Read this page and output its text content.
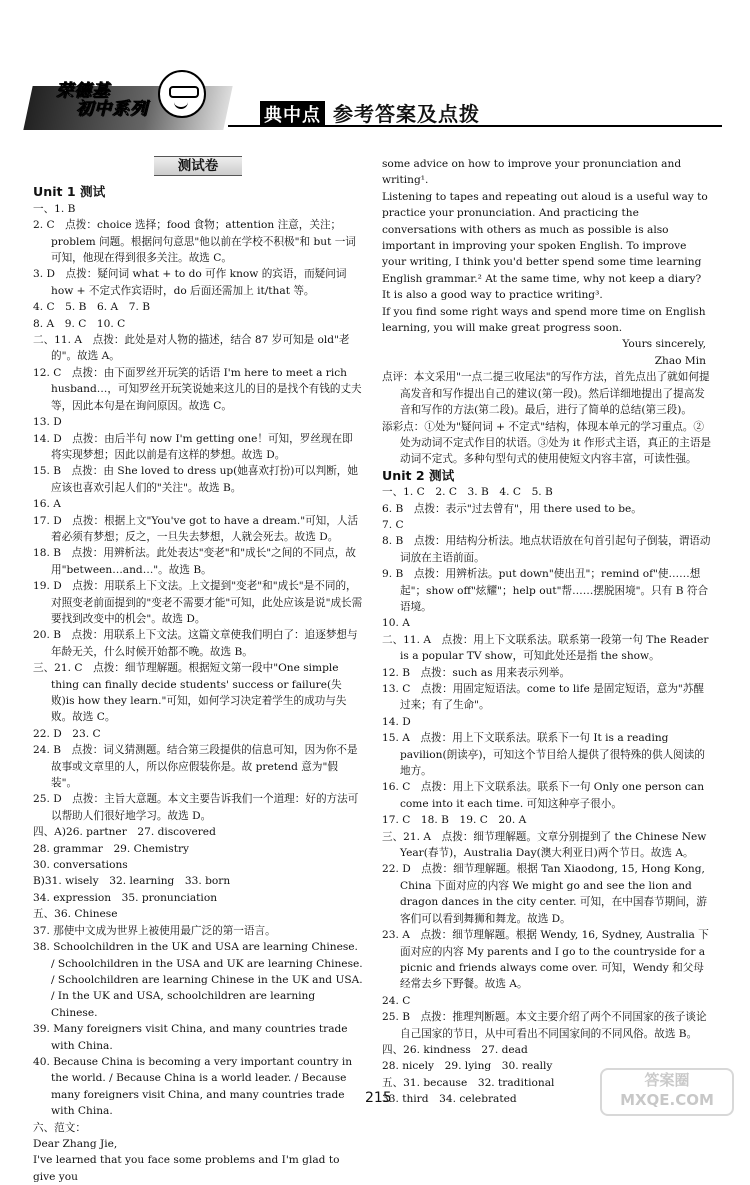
荣德基
初中系列	典中点 参考答案及点拨
测试卷

Unit 1 测试

一、1. B

2. C　点拨：choice 选择；food 食物；attention 注意，关注；problem 问题。根据问句意思"他以前在学校不积极"和 but 一词可知，他现在得到很多关注。故选 C。

3. D　点拨：疑问词 what + to do 可作 know 的宾语，而疑问词how + 不定式作宾语时，do 后面还需加上 it/that 等。

4. C　5. B　6. A　7. B

8. A　9. C　10. C

二、11. A　点拨：此处是对人物的描述，结合 87 岁可知是 old"老的"。故选 A。

12. C　点拨：由下面罗丝开玩笑的话语 I'm here to meet a rich husband…，可知罗丝开玩笑说她来这儿的目的是找个有钱的丈夫等，因此本句是在询问原因。故选 C。

13. D

14. D　点拨：由后半句 now I'm getting one！可知，罗丝现在即将实现梦想；因此以前是有这样的梦想。故选 D。

15. B　点拨：由 She loved to dress up(她喜欢打扮)可以判断，她应该也喜欢引起人们的"关注"。故选 B。

16. A

17. D　点拨：根据上文"You've got to have a dream."可知，人活着必须有梦想；反之，一旦失去梦想，人就会死去。故选 D。

18. B　点拨：用辨析法。此处表达"变老"和"成长"之间的不同点，故用"between…and…"。故选 B。

19. D　点拨：用联系上下文法。上文提到"变老"和"成长"是不同的，对照变老前面提到的"变老不需要才能"可知，此处应该是说"成长需要找到改变中的机会"。故选 D。

20. B　点拨：用联系上下文法。这篇文章使我们明白了：追逐梦想与年龄无关，什么时候开始都不晚。故选 B。

三、21. C　点拨：细节理解题。根据短文第一段中"One simple thing can finally decide students' success or failure(失败)is how they learn."可知，如何学习决定着学生的成功与失败。故选 C。

22. D　23. C

24. B　点拨：词义猜测题。结合第三段提供的信息可知，因为你不是故事或文章里的人，所以你应假装你是。故 pretend 意为"假装"。

25. D　点拨：主旨大意题。本文主要告诉我们一个道理：好的方法可以帮助人们很好地学习。故选 D。

四、A)26. partner　27. discovered

28. grammar　29. Chemistry

30. conversations

B)31. wisely　32. learning　33. born

34. expression　35. pronunciation

五、36. Chinese

37. 那使中文成为世界上被使用最广泛的第一语言。

38. Schoolchildren in the UK and USA are learning Chinese. / Schoolchildren in the USA and UK are learning Chinese. / Schoolchildren are learning Chinese in the UK and USA. / In the UK and USA, schoolchildren are learning Chinese.

39. Many foreigners visit China, and many countries trade with China.

40. Because China is becoming a very important country in the world. / Because China is a world leader. / Because many foreigners visit China, and many countries trade with China.

六、范文：

Dear Zhang Jie,

I've learned that you face some problems and I'm glad to give you

some advice on how to improve your pronunciation and writing¹.

Listening to tapes and repeating out aloud is a useful way to practice your pronunciation. And practicing the conversations with others as much as possible is also important in improving your spoken English. To improve your writing, I think you'd better spend some time learning English grammar.² At the same time, why not keep a diary? It is also a good way to practice writing³.

If you find some right ways and spend more time on English learning, you will make great progress soon.

Yours sincerely,

Zhao Min

点评：本文采用"一点二提三收尾法"的写作方法，首先点出了就如何提高发音和写作提出自己的建议(第一段)。然后详细地提出了提高发音和写作的方法(第二段)。最后，进行了简单的总结(第三段)。

添彩点：①处为"疑问词 + 不定式"结构，体现本单元的学习重点。②处为动词不定式作目的状语。③处为 it 作形式主语，真正的主语是动词不定式。多种句型句式的使用使短文内容丰富，可读性强。

Unit 2 测试

一、1. C　2. C　3. B　4. C　5. B

6. B　点拨：表示"过去曾有"，用 there used to be。

7. C

8. B　点拨：用结构分析法。地点状语放在句首引起句子倒装，谓语动词放在主语前面。

9. B　点拨：用辨析法。put down"使出丑"；remind of"使……想起"；show off"炫耀"；help out"帮……摆脱困境"。只有 B 符合语境。

10. A

二、11. A　点拨：用上下文联系法。联系第一段第一句 The Reader is a popular TV show，可知此处还是指 the show。

12. B　点拨：such as 用来表示列举。

13. C　点拨：用固定短语法。come to life 是固定短语，意为"苏醒过来；有了生命"。

14. D

15. A　点拨：用上下文联系法。联系下一句 It is a reading pavilion(朗读亭)，可知这个节目给人提供了很特殊的供人阅读的地方。

16. C　点拨：用上下文联系法。联系下一句 Only one person can come into it each time. 可知这种亭子很小。

17. C　18. B　19. C　20. A

三、21. A　点拨：细节理解题。文章分别提到了 the Chinese New Year(春节)，Australia Day(澳大利亚日)两个节日。故选 A。

22. D　点拨：细节理解题。根据 Tan Xiaodong, 15, Hong Kong, China 下面对应的内容 We might go and see the lion and dragon dances in the city center. 可知，在中国春节期间，游客们可以看到舞狮和舞龙。故选 D。

23. A　点拨：细节理解题。根据 Wendy, 16, Sydney, Australia 下面对应的内容 My parents and I go to the countryside for a picnic and friends always come over. 可知，Wendy 和父母经常去乡下野餐。故选 A。

24. C

25. B　点拨：推理判断题。本文主要介绍了两个不同国家的孩子谈论自己国家的节日，从中可看出不同国家间的不同风俗。故选 B。

四、26. kindness　27. dead

28. nicely　29. lying　30. really

五、31. because　32. traditional

33. third　34. celebrated

215
答案圈 MXQE.COM
